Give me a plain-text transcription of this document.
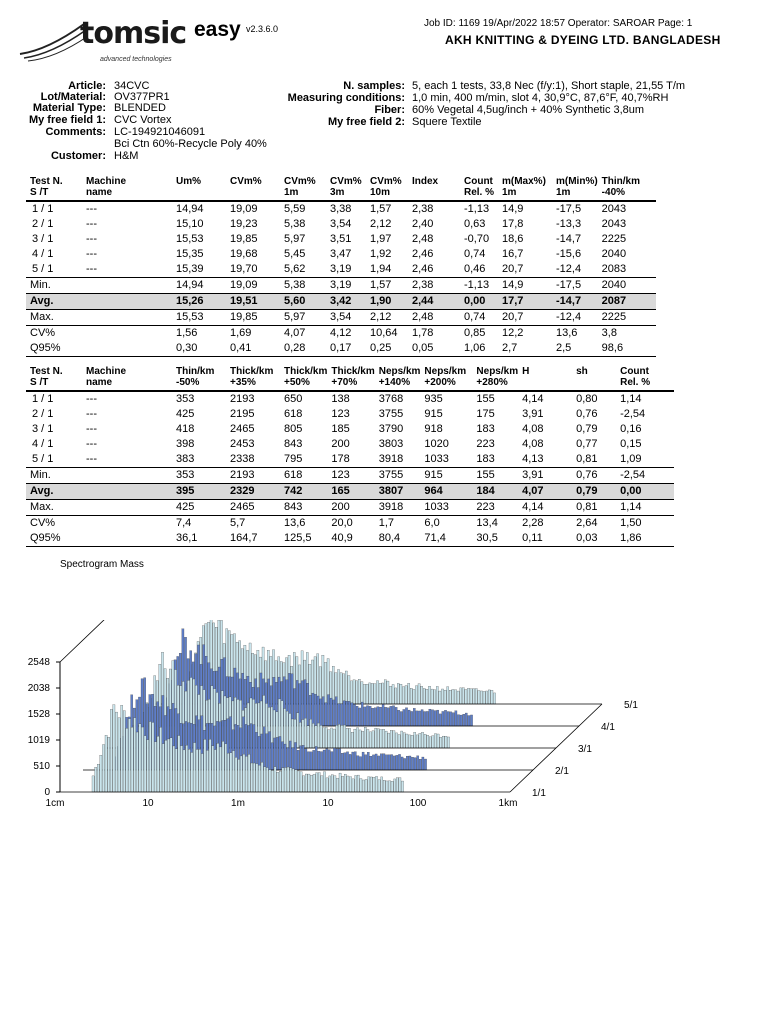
tomsic
advanced technologies
easy v2.3.6.0	Job ID: 1169 19/Apr/2022 18:57 Operator: SAROAR Page: 1
AKH KNITTING & DYEING LTD. BANGLADESH
Article: 34CVC
Lot/Material: OV377PR1
Material Type: BLENDED
My free field 1: CVC Vortex
Comments: LC-194921046091
Bci Ctn 60%-Recycle Poly 40%
Customer: H&M
N. samples: 5, each 1 tests, 33,8 Nec (f/y:1), Short staple, 21,55 T/m
Measuring conditions: 1,0 min, 400 m/min, slot 4, 30,9°C, 87,6°F, 40,7%RH
Fiber: 60% Vegetal 4,5ug/inch + 40% Synthetic 3,8um
My free field 2: Squere Textile
Test N.	Machine	Um%	CVm%	CVm%	CVm%	CVm%	Index	Count	m(Max%)	m(Min%)	Thin/km
S /T	name			1m	3m	10m		Rel. %	1m	1m	-40%
1 / 1	---	14,94	19,09	5,59	3,38	1,57	2,38	-1,13	14,9	-17,5	2043
2 / 1	---	15,10	19,23	5,38	3,54	2,12	2,40	0,63	17,8	-13,3	2043
3 / 1	---	15,53	19,85	5,97	3,51	1,97	2,48	-0,70	18,6	-14,7	2225
4 / 1	---	15,35	19,68	5,45	3,47	1,92	2,46	0,74	16,7	-15,6	2040
5 / 1	---	15,39	19,70	5,62	3,19	1,94	2,46	0,46	20,7	-12,4	2083
Min.		14,94	19,09	5,38	3,19	1,57	2,38	-1,13	14,9	-17,5	2040
Avg.		15,26	19,51	5,60	3,42	1,90	2,44	0,00	17,7	-14,7	2087
Max.		15,53	19,85	5,97	3,54	2,12	2,48	0,74	20,7	-12,4	2225
CV%		1,56	1,69	4,07	4,12	10,64	1,78	0,85	12,2	13,6	3,8
Q95%		0,30	0,41	0,28	0,17	0,25	0,05	1,06	2,7	2,5	98,6
Test N.	Machine	Thin/km	Thick/km	Thick/km	Thick/km	Neps/km	Neps/km	Neps/km	H	sh	Count
S /T	name	-50%	+35%	+50%	+70%	+140%	+200%	+280%			Rel. %
1 / 1	---	353	2193	650	138	3768	935	155	4,14	0,80	1,14
2 / 1	---	425	2195	618	123	3755	915	175	3,91	0,76	-2,54
3 / 1	---	418	2465	805	185	3790	918	183	4,08	0,79	0,16
4 / 1	---	398	2453	843	200	3803	1020	223	4,08	0,77	0,15
5 / 1	---	383	2338	795	178	3918	1033	183	4,13	0,81	1,09
Min.		353	2193	618	123	3755	915	155	3,91	0,76	-2,54
Avg.		395	2329	742	165	3807	964	184	4,07	0,79	0,00
Max.		425	2465	843	200	3918	1033	223	4,14	0,81	1,14
CV%		7,4	5,7	13,6	20,0	1,7	6,0	13,4	2,28	2,64	1,50
Q95%		36,1	164,7	125,5	40,9	80,4	71,4	30,5	0,11	0,03	1,86
Spectrogram Mass
2548
2038
1528
1019
510
0
1cm	10	1m	10	100	1km
1/1
2/1
3/1
4/1
5/1
